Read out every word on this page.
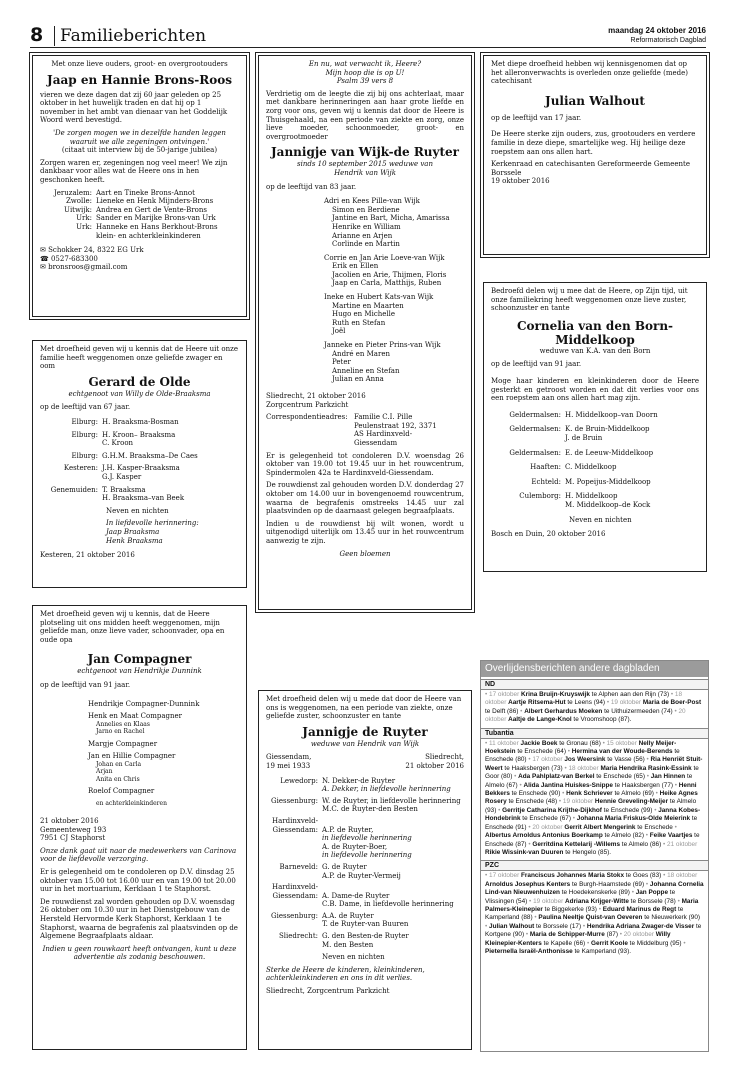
8 Familieberichten	maandag 24 oktober 2016
Reformatorisch Dagblad
Met onze lieve ouders, groot- en overgrootouders
Jaap en Hannie Brons-Roos
vieren we deze dagen dat zij 60 jaar geleden op 25 oktober in het huwelijk traden en dat hij op 1 november in het ambt van dienaar van het Goddelijk Woord werd bevestigd.
'De zorgen mogen we in dezelfde handen leggen waaruit we alle zegeningen ontvingen.'
(citaat uit interview bij de 50-jarige jubilea)
Zorgen waren er, zegeningen nog veel meer! We zijn dankbaar voor alles wat de Heere ons in hen geschonken heeft.
Jeruzalem: Aart en Tineke Brons-Annot
Zwolle: Lieneke en Henk Mijnders-Brons
Uitwijk: Andrea en Gert de Vente-Brons
Urk: Sander en Marijke Brons-van Urk
Urk: Hanneke en Hans Berkhout-Brons
klein- en achterkleinkinderen
✉ Schokker 24, 8322 EG Urk
☎ 0527-683300
✉ bronsroos@gmail.com
Met droefheid geven wij u kennis dat de Heere uit onze familie heeft weggenomen onze geliefde zwager en oom
Gerard de Olde
echtgenoot van Willy de Olde-Braaksma
op de leeftijd van 67 jaar.
Elburg: H. Braaksma-Bosman
Elburg: H. Kroon– Braaksma
C. Kroon
Elburg: G.H.M. Braaksma–De Caes
Kesteren: J.H. Kasper-Braaksma
G.J. Kasper
Genemuiden: T. Braaksma
H. Braaksma–van Beek
Neven en nichten
In liefdevolle herinnering:
Jaap Braaksma
Henk Braaksma
Kesteren, 21 oktober 2016
Met droefheid geven wij u kennis, dat de Heere plotseling uit ons midden heeft weggenomen, mijn geliefde man, onze lieve vader, schoonvader, opa en oude opa
Jan Compagner
echtgenoot van Hendrikje Dunnink
op de leeftijd van 91 jaar.
Hendrikje Compagner-Dunnink
Henk en Maat Compagner
Annelies en Klaas
Jarno en Rachel
Margje Compagner
Jan en Hillie Compagner
Johan en Carla
Arjan
Anita en Chris
Roelof Compagner
en achterkleinkinderen
21 oktober 2016
Gemeenteweg 193
7951 CJ Staphorst
Onze dank gaat uit naar de medewerkers van Carinova voor de liefdevolle verzorging.
Er is gelegenheid om te condoleren op D.V. dinsdag 25 oktober van 15.00 tot 16.00 uur en van 19.00 tot 20.00 uur in het mortuarium, Kerklaan 1 te Staphorst.
De rouwdienst zal worden gehouden op D.V. woensdag 26 oktober om 10.30 uur in het Dienstgebouw van de Hersteld Hervormde Kerk Staphorst, Kerklaan 1 te Staphorst, waarna de begrafenis zal plaatsvinden op de Algemene Begraafplaats aldaar.
Indien u geen rouwkaart heeft ontvangen, kunt u deze advertentie als zodanig beschouwen.
En nu, wat verwacht ik, Heere?
Mijn hoop die is op U!
Psalm 39 vers 8
Verdrietig om de leegte die zij bij ons achterlaat, maar met dankbare herinneringen aan haar grote liefde en zorg voor ons, geven wij u kennis dat door de Heere is Thuisgehaald, na een periode van ziekte en zorg, onze lieve moeder, schoonmoeder, groot- en overgrootmoeder
Jannigje van Wijk-de Ruyter
sinds 10 september 2015 weduwe van
Hendrik van Wijk
op de leeftijd van 83 jaar.
Adri en Kees Pille-van Wijk
Simon en Berdiene
Jantine en Bart, Micha, Amarissa
Henrike en William
Arianne en Arjen
Corlinde en Martin
Corrie en Jan Arie Loeve-van Wijk
Erik en Ellen
Jacolien en Arie, Thijmen, Floris
Jaap en Carla, Matthijs, Ruben
Ineke en Hubert Kats-van Wijk
Martine en Maarten
Hugo en Michelle
Ruth en Stefan
Joël
Janneke en Pieter Prins-van Wijk
André en Maren
Peter
Anneline en Stefan
Julian en Anna
Sliedrecht, 21 oktober 2016
Zorgcentrum Parkzicht
Correspondentieadres: Familie C.I. Pille
Peulenstraat 192, 3371
AS Hardinxveld-
Giessendam
Er is gelegenheid tot condoleren D.V. woensdag 26 oktober van 19.00 tot 19.45 uur in het rouwcentrum, Spindermolen 42a te Hardinxveld-Giessendam.
De rouwdienst zal gehouden worden D.V. donderdag 27 oktober om 14.00 uur in bovengenoemd rouwcentrum, waarna de begrafenis omstreeks 14.45 uur zal plaatsvinden op de daarnaast gelegen begraafplaats.
Indien u de rouwdienst bij wilt wonen, wordt u uitgenodigd uiterlijk om 13.45 uur in het rouwcentrum aanwezig te zijn.
Geen bloemen
Met droefheid delen wij u mede dat door de Heere van ons is weggenomen, na een periode van ziekte, onze geliefde zuster, schoonzuster en tante
Jannigje de Ruyter
weduwe van Hendrik van Wijk
Giessendam,
19 mei 1933
Sliedrecht,
21 oktober 2016
Lewedorp: N. Dekker-de Ruyter
A. Dekker, in liefdevolle herinnering
Giessenburg: W. de Ruyter, in liefdevolle herinnering
M.C. de Ruyter-den Besten
Hardinxveld-
Giessendam: A.P. de Ruyter,
in liefdevolle herinnering
A. de Ruyter-Boer,
in liefdevolle herinnering
Barneveld: G. de Ruyter
A.P. de Ruyter-Vermeij
Hardinxveld-
Giessendam: A. Dame-de Ruyter
C.B. Dame, in liefdevolle herinnering
Giessenburg: A.A. de Ruyter
T. de Ruyter-van Buuren
Sliedrecht: G. den Besten-de Ruyter
M. den Besten
Neven en nichten
Sterke de Heere de kinderen, kleinkinderen, achterkleinkinderen en ons in dit verlies.
Sliedrecht, Zorgcentrum Parkzicht
Met diepe droefheid hebben wij kennisgenomen dat op het alleronverwachts is overleden onze geliefde (mede) catechisant
Julian Walhout
op de leeftijd van 17 jaar.
De Heere sterke zijn ouders, zus, grootouders en verdere familie in deze diepe, smartelijke weg. Hij heilige deze roepstem aan ons allen hart.
Kerkenraad en catechisanten Gereformeerde Gemeente Borssele
19 oktober 2016
Bedroefd delen wij u mee dat de Heere, op Zijn tijd, uit onze familiekring heeft weggenomen onze lieve zuster, schoonzuster en tante
Cornelia van den Born-
Middelkoop
weduwe van K.A. van den Born
op de leeftijd van 91 jaar.
Moge haar kinderen en kleinkinderen door de Heere gesterkt en getroost worden en dat dit verlies voor ons een roepstem aan ons allen hart mag zijn.
Geldermalsen: H. Middelkoop–van Doorn
Geldermalsen: K. de Bruin-Middelkoop
J. de Bruin
Geldermalsen: E. de Leeuw-Middelkoop
Haaften: C. Middelkoop
Echteld: M. Popeijus-Middelkoop
Culemborg: H. Middelkoop
M. Middelkoop–de Kock
Neven en nichten
Bosch en Duin, 20 oktober 2016
Overlijdensberichten andere dagbladen
ND
• 17 oktober Krina Bruijn-Kruyswijk te Alphen aan den Rijn (73) • 18 oktober Aartje Ritsema-Hut te Leens (94) • 19 oktober Maria de Boer-Post te Delft (86) • Albert Gerhardus Moeken te Uithuizermeeden (74) • 20 oktober Aaltje de Lange-Knol te Vroomshoop (87).
Tubantia
• 11 oktober Jackie Boek te Gronau (68) • 15 oktober Nelly Meijer-Hoekstein te Enschede (64) • Hermina van der Woude-Berends te Enschede (80) • 17 oktober Jos Weersink te Vasse (56) • Ria Henriët Stuit-Weert te Haaksbergen (73) • 18 oktober Maria Hendrika Rasink-Essink te Goor (80) • Ada Pahlplatz-van Berkel te Enschede (65) • Jan Hinnen te Almelo (67) • Alida Jantina Huiskes-Snippe te Haaksbergen (77) • Henni Bekkers te Enschede (90) • Henk Schriever te Almelo (69) • Heike Agnes Rosery te Enschede (48) • 19 oktober Hennie Greveling-Meijer te Almelo (93) • Gerritje Catharina Krijthe-Dijkhof te Enschede (99) • Janna Kobes-Hondebrink te Enschede (67) • Johanna Maria Friskus-Olde Meierink te Enschede (91) • 20 oktober Gerrit Albert Mengerink te Enschede • Albertus Arnoldus Antonius Boerkamp te Almelo (82) • Feike Vaartjes te Enschede (87) • Gerritdina Kettelarij -Willems te Almelo (86) • 21 oktober Rikie Wissink-van Duuren te Hengelo (85).
PZC
• 17 oktober Franciscus Johannes Maria Stokx te Goes (83) • 18 oktober Arnoldus Josephus Kenters te Burgh-Haamstede (69) • Johanna Cornelia Lind-van Nieuwenhuizen te Hoedekenskerke (89) • Jan Poppe te Vlissingen (54) • 19 oktober Adriana Krijger-Witte te Borssele (78) • Maria Palmers-Kleinepier te Biggekerke (93) • Eduard Marinus de Regt te Kamperland (88) • Paulina Neeltje Quist-van Oeveren te Nieuwerkerk (90) • Julian Walhout te Borssele (17) • Hendrika Adriana Zwager-de Visser te Kortgene (90) • Maria de Schipper-Murre (87) • 20 oktober Willy Kleinepier-Kenters te Kapelle (66) • Gerrit Koole te Middelburg (95) • Pieternella Israël-Anthonisse te Kamperland (93).
